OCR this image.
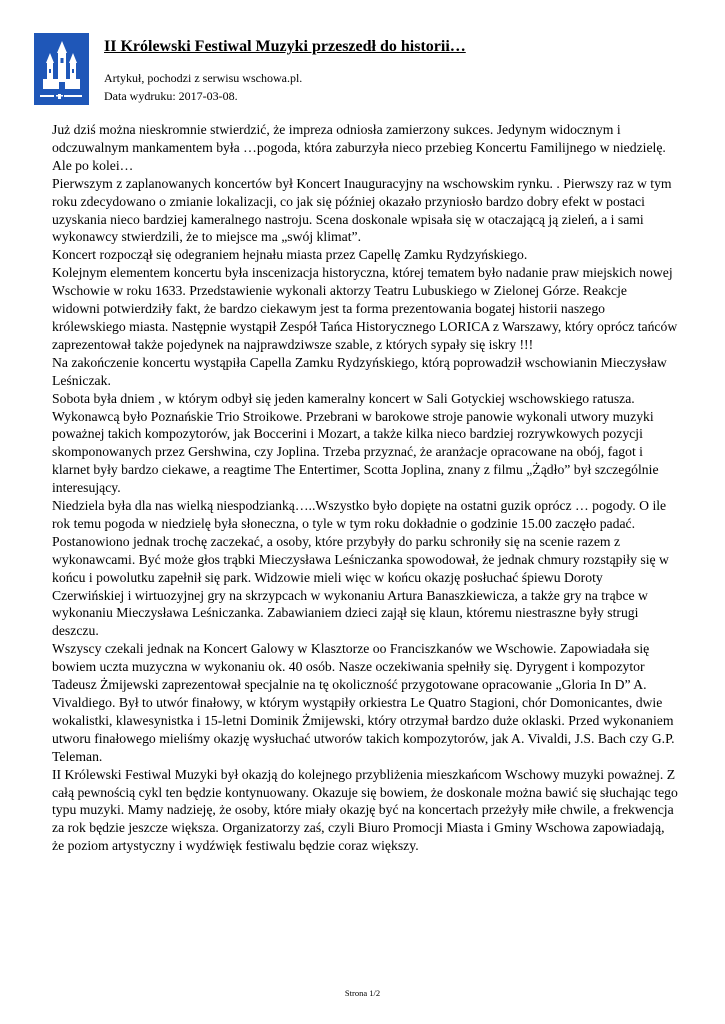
II Królewski Festiwal Muzyki przeszedł do historii…
Artykuł, pochodzi z serwisu wschowa.pl.
Data wydruku: 2017-03-08.

Już dziś można nieskromnie stwierdzić, że impreza odniosła zamierzony sukces. Jedynym widocznym i odczuwalnym mankamentem była …pogoda, która zaburzyła nieco przebieg Koncertu Familijnego w niedzielę. Ale po kolei…

Pierwszym z zaplanowanych koncertów był Koncert Inauguracyjny na wschowskim rynku. . Pierwszy raz w tym roku zdecydowano o zmianie lokalizacji, co jak się później okazało przyniosło bardzo dobry efekt w postaci uzyskania nieco bardziej kameralnego nastroju. Scena doskonale wpisała się w otaczającą ją zieleń, a i sami wykonawcy stwierdzili, że to miejsce ma „swój klimat”.

Koncert rozpoczął się odegraniem hejnału miasta przez Capellę Zamku Rydzyńskiego.

Kolejnym elementem koncertu była inscenizacja historyczna, której tematem było nadanie praw miejskich nowej Wschowie w roku 1633. Przedstawienie wykonali aktorzy Teatru Lubuskiego w Zielonej Górze. Reakcje widowni potwierdziły fakt, że bardzo ciekawym jest ta forma prezentowania bogatej historii naszego królewskiego miasta. Następnie wystąpił Zespół Tańca Historycznego LORICA z Warszawy, który oprócz tańców zaprezentował także pojedynek na najprawdziwsze szable, z których sypały się iskry !!!

Na zakończenie koncertu wystąpiła Capella Zamku Rydzyńskiego, którą poprowadził wschowianin Mieczysław Leśniczak.

Sobota była dniem , w którym odbył się jeden kameralny koncert w Sali Gotyckiej wschowskiego ratusza. Wykonawcą było Poznańskie Trio Stroikowe. Przebrani w barokowe stroje panowie wykonali utwory muzyki poważnej takich kompozytorów, jak Boccerini i Mozart, a także kilka nieco bardziej rozrywkowych pozycji skomponowanych przez Gershwina, czy Joplina. Trzeba przyznać, że aranżacje opracowane na obój, fagot i klarnet były bardzo ciekawe, a reagtime The Entertimer, Scotta Joplina, znany z filmu „Żądło” był szczególnie interesujący.

Niedziela była dla nas wielką niespodzianką…..Wszystko było dopięte na ostatni guzik oprócz … pogody. O ile rok temu pogoda w niedzielę była słoneczna, o tyle w tym roku dokładnie o godzinie 15.00 zaczęło padać. Postanowiono jednak trochę zaczekać, a osoby, które przybyły do parku schroniły się na scenie razem z wykonawcami. Być może głos trąbki Mieczysława Leśniczanka spowodował, że jednak chmury rozstąpiły się w końcu i powolutku zapełnił się park. Widzowie mieli więc w końcu okazję posłuchać śpiewu Doroty Czerwińskiej i wirtuozyjnej gry na skrzypcach w wykonaniu Artura Banaszkiewicza, a także gry na trąbce w wykonaniu Mieczysława Leśniczanka. Zabawianiem dzieci zajął się klaun, któremu niestraszne były strugi deszczu.

Wszyscy czekali jednak na Koncert Galowy w Klasztorze oo Franciszkanów we Wschowie. Zapowiadała się bowiem uczta muzyczna w wykonaniu ok. 40 osób. Nasze oczekiwania spełniły się. Dyrygent i kompozytor Tadeusz Żmijewski zaprezentował specjalnie na tę okoliczność przygotowane opracowanie „Gloria In D” A. Vivaldiego. Był to utwór finałowy, w którym wystąpiły orkiestra Le Quatro Stagioni, chór Domonicantes, dwie wokalistki, klawesynistka i 15-letni Dominik Żmijewski, który otrzymał bardzo duże oklaski. Przed wykonaniem utworu finałowego mieliśmy okazję wysłuchać utworów takich kompozytorów, jak A. Vivaldi, J.S. Bach czy G.P. Teleman.

II Królewski Festiwal Muzyki był okazją do kolejnego przybliżenia mieszkańcom Wschowy muzyki poważnej. Z całą pewnością cykl ten będzie kontynuowany. Okazuje się bowiem, że doskonale można bawić się słuchając tego typu muzyki. Mamy nadzieję, że osoby, które miały okazję być na koncertach przeżyły miłe chwile, a frekwencja za rok będzie jeszcze większa. Organizatorzy zaś, czyli Biuro Promocji Miasta i Gminy Wschowa zapowiadają, że poziom artystyczny i wydźwięk festiwalu będzie coraz większy.

Strona 1/2
